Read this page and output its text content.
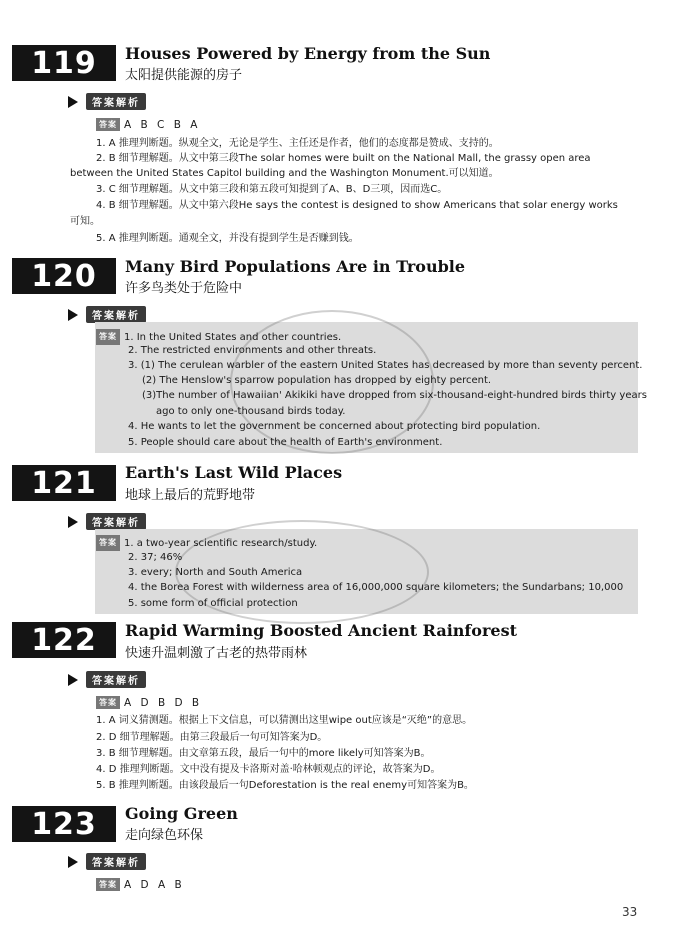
119	Houses Powered by Energy from the Sun
太阳提供能源的房子
答案解析
答案 A B C B A
1. A 推理判断题。纵观全文，无论是学生、主任还是作者，他们的态度都是赞成、支持的。
2. B 细节理解题。从文中第三段The solar homes were built on the National Mall, the grassy open area
between the United States Capitol building and the Washington Monument.可以知道。
3. C 细节理解题。从文中第三段和第五段可知提到了A、B、D三项，因而选C。
4. B 细节理解题。从文中第六段He says the contest is designed to show Americans that solar energy works
可知。
5. A 推理判断题。通观全文，并没有提到学生是否赚到钱。
120	Many Bird Populations Are in Trouble
许多鸟类处于危险中
答案解析
答案 1. In the United States and other countries.
2. The restricted environments and other threats.
3. (1) The cerulean warbler of the eastern United States has decreased by more than seventy percent.
(2) The Henslow's sparrow population has dropped by eighty percent.
(3)The number of Hawaiian' Akikiki have dropped from six-thousand-eight-hundred birds thirty years
ago to only one-thousand birds today.
4. He wants to let the government be concerned about protecting bird population.
5. People should care about the health of Earth's environment.
121	Earth's Last Wild Places
地球上最后的荒野地带
答案解析
答案 1. a two-year scientific research/study.
2. 37; 46%
3. every; North and South America
4. the Borea Forest with wilderness area of 16,000,000 square kilometers; the Sundarbans; 10,000
5. some form of official protection
122	Rapid Warming Boosted Ancient Rainforest
快速升温刺激了古老的热带雨林
答案解析
答案 A D B D B
1. A 词义猜测题。根据上下文信息，可以猜测出这里wipe out应该是“灭绝”的意思。
2. D 细节理解题。由第三段最后一句可知答案为D。
3. B 细节理解题。由文章第五段，最后一句中的more likely可知答案为B。
4. D 推理判断题。文中没有提及卡洛斯对盖·哈林顿观点的评论，故答案为D。
5. B 推理判断题。由该段最后一句Deforestation is the real enemy可知答案为B。
123	Going Green
走向绿色环保
答案解析
答案 A D A B
33
